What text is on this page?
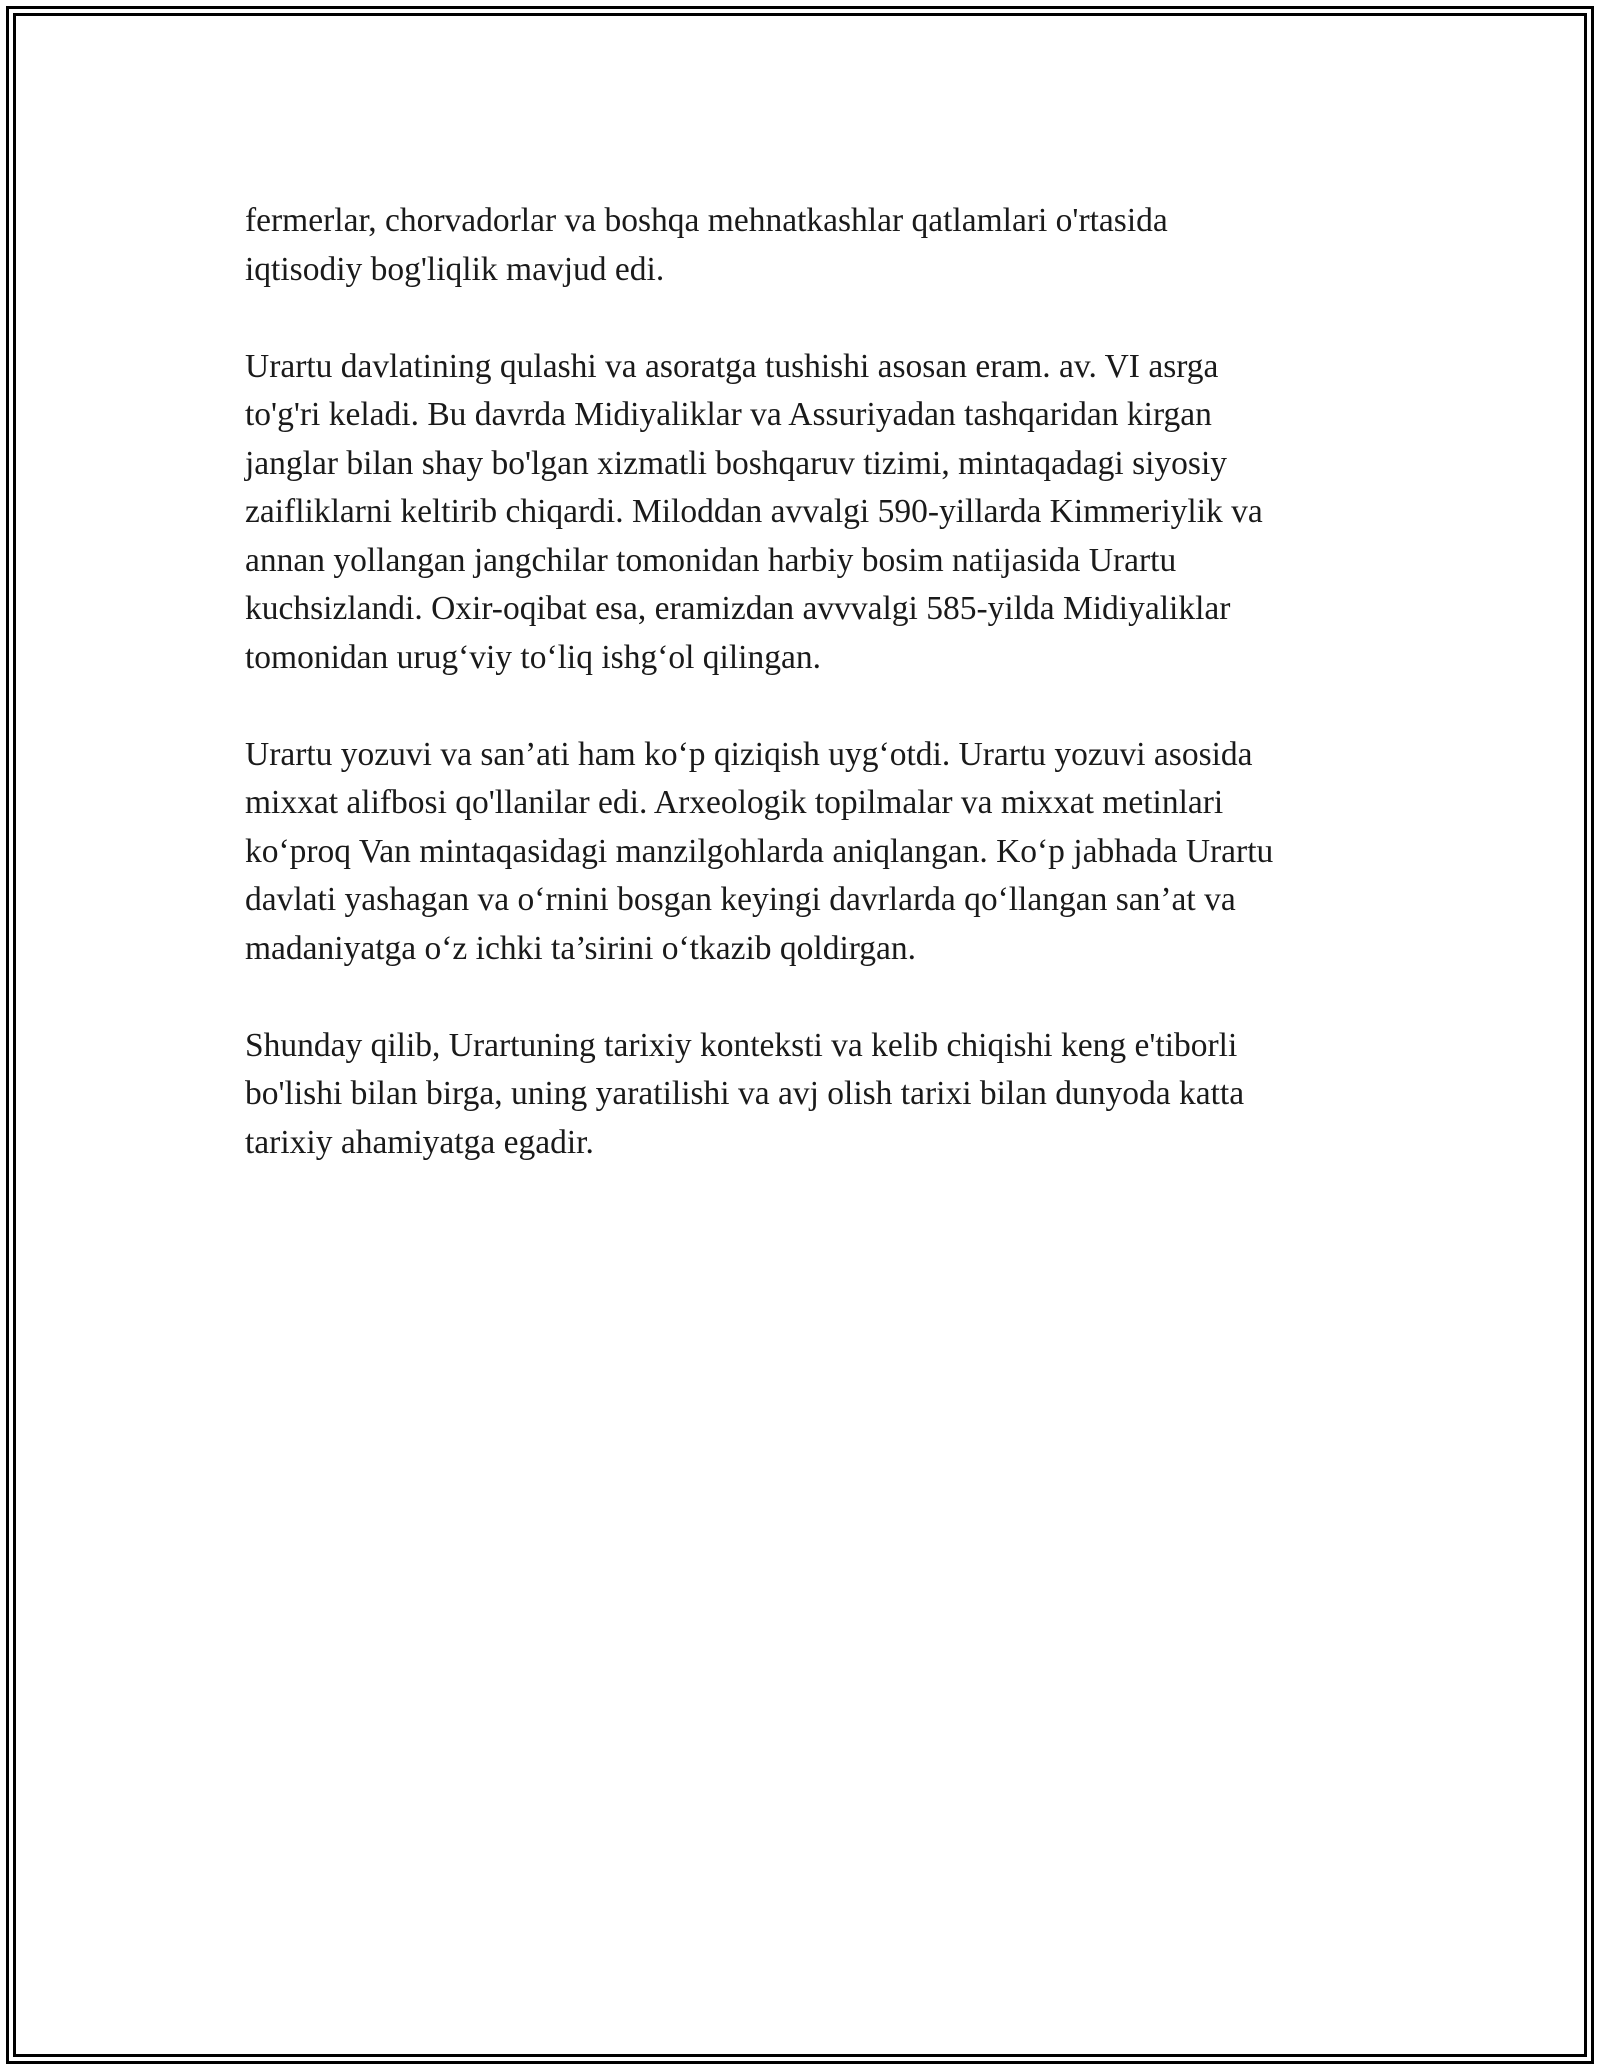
fermerlar, chorvadorlar va boshqa mehnatkashlar qatlamlari o'rtasida
iqtisodiy bog'liqlik mavjud edi.

Urartu davlatining qulashi va asoratga tushishi asosan eram. av. VI asrga
to'g'ri keladi. Bu davrda Midiyaliklar va Assuriyadan tashqaridan kirgan
janglar bilan shay bo'lgan xizmatli boshqaruv tizimi, mintaqadagi siyosiy
zaifliklarni keltirib chiqardi. Miloddan avvalgi 590-yillarda Kimmeriylik va
annan yollangan jangchilar tomonidan harbiy bosim natijasida Urartu
kuchsizlandi. Oxir-oqibat esa, eramizdan avvvalgi 585-yilda Midiyaliklar
tomonidan urug‘viy to‘liq ishg‘ol qilingan.

Urartu yozuvi va san’ati ham ko‘p qiziqish uyg‘otdi. Urartu yozuvi asosida
mixxat alifbosi qo'llanilar edi. Arxeologik topilmalar va mixxat metinlari
ko‘proq Van mintaqasidagi manzilgohlarda aniqlangan. Ko‘p jabhada Urartu
davlati yashagan va o‘rnini bosgan keyingi davrlarda qo‘llangan san’at va
madaniyatga o‘z ichki ta’sirini o‘tkazib qoldirgan.

Shunday qilib, Urartuning tarixiy konteksti va kelib chiqishi keng e'tiborli
bo'lishi bilan birga, uning yaratilishi va avj olish tarixi bilan dunyoda katta
tarixiy ahamiyatga egadir.
